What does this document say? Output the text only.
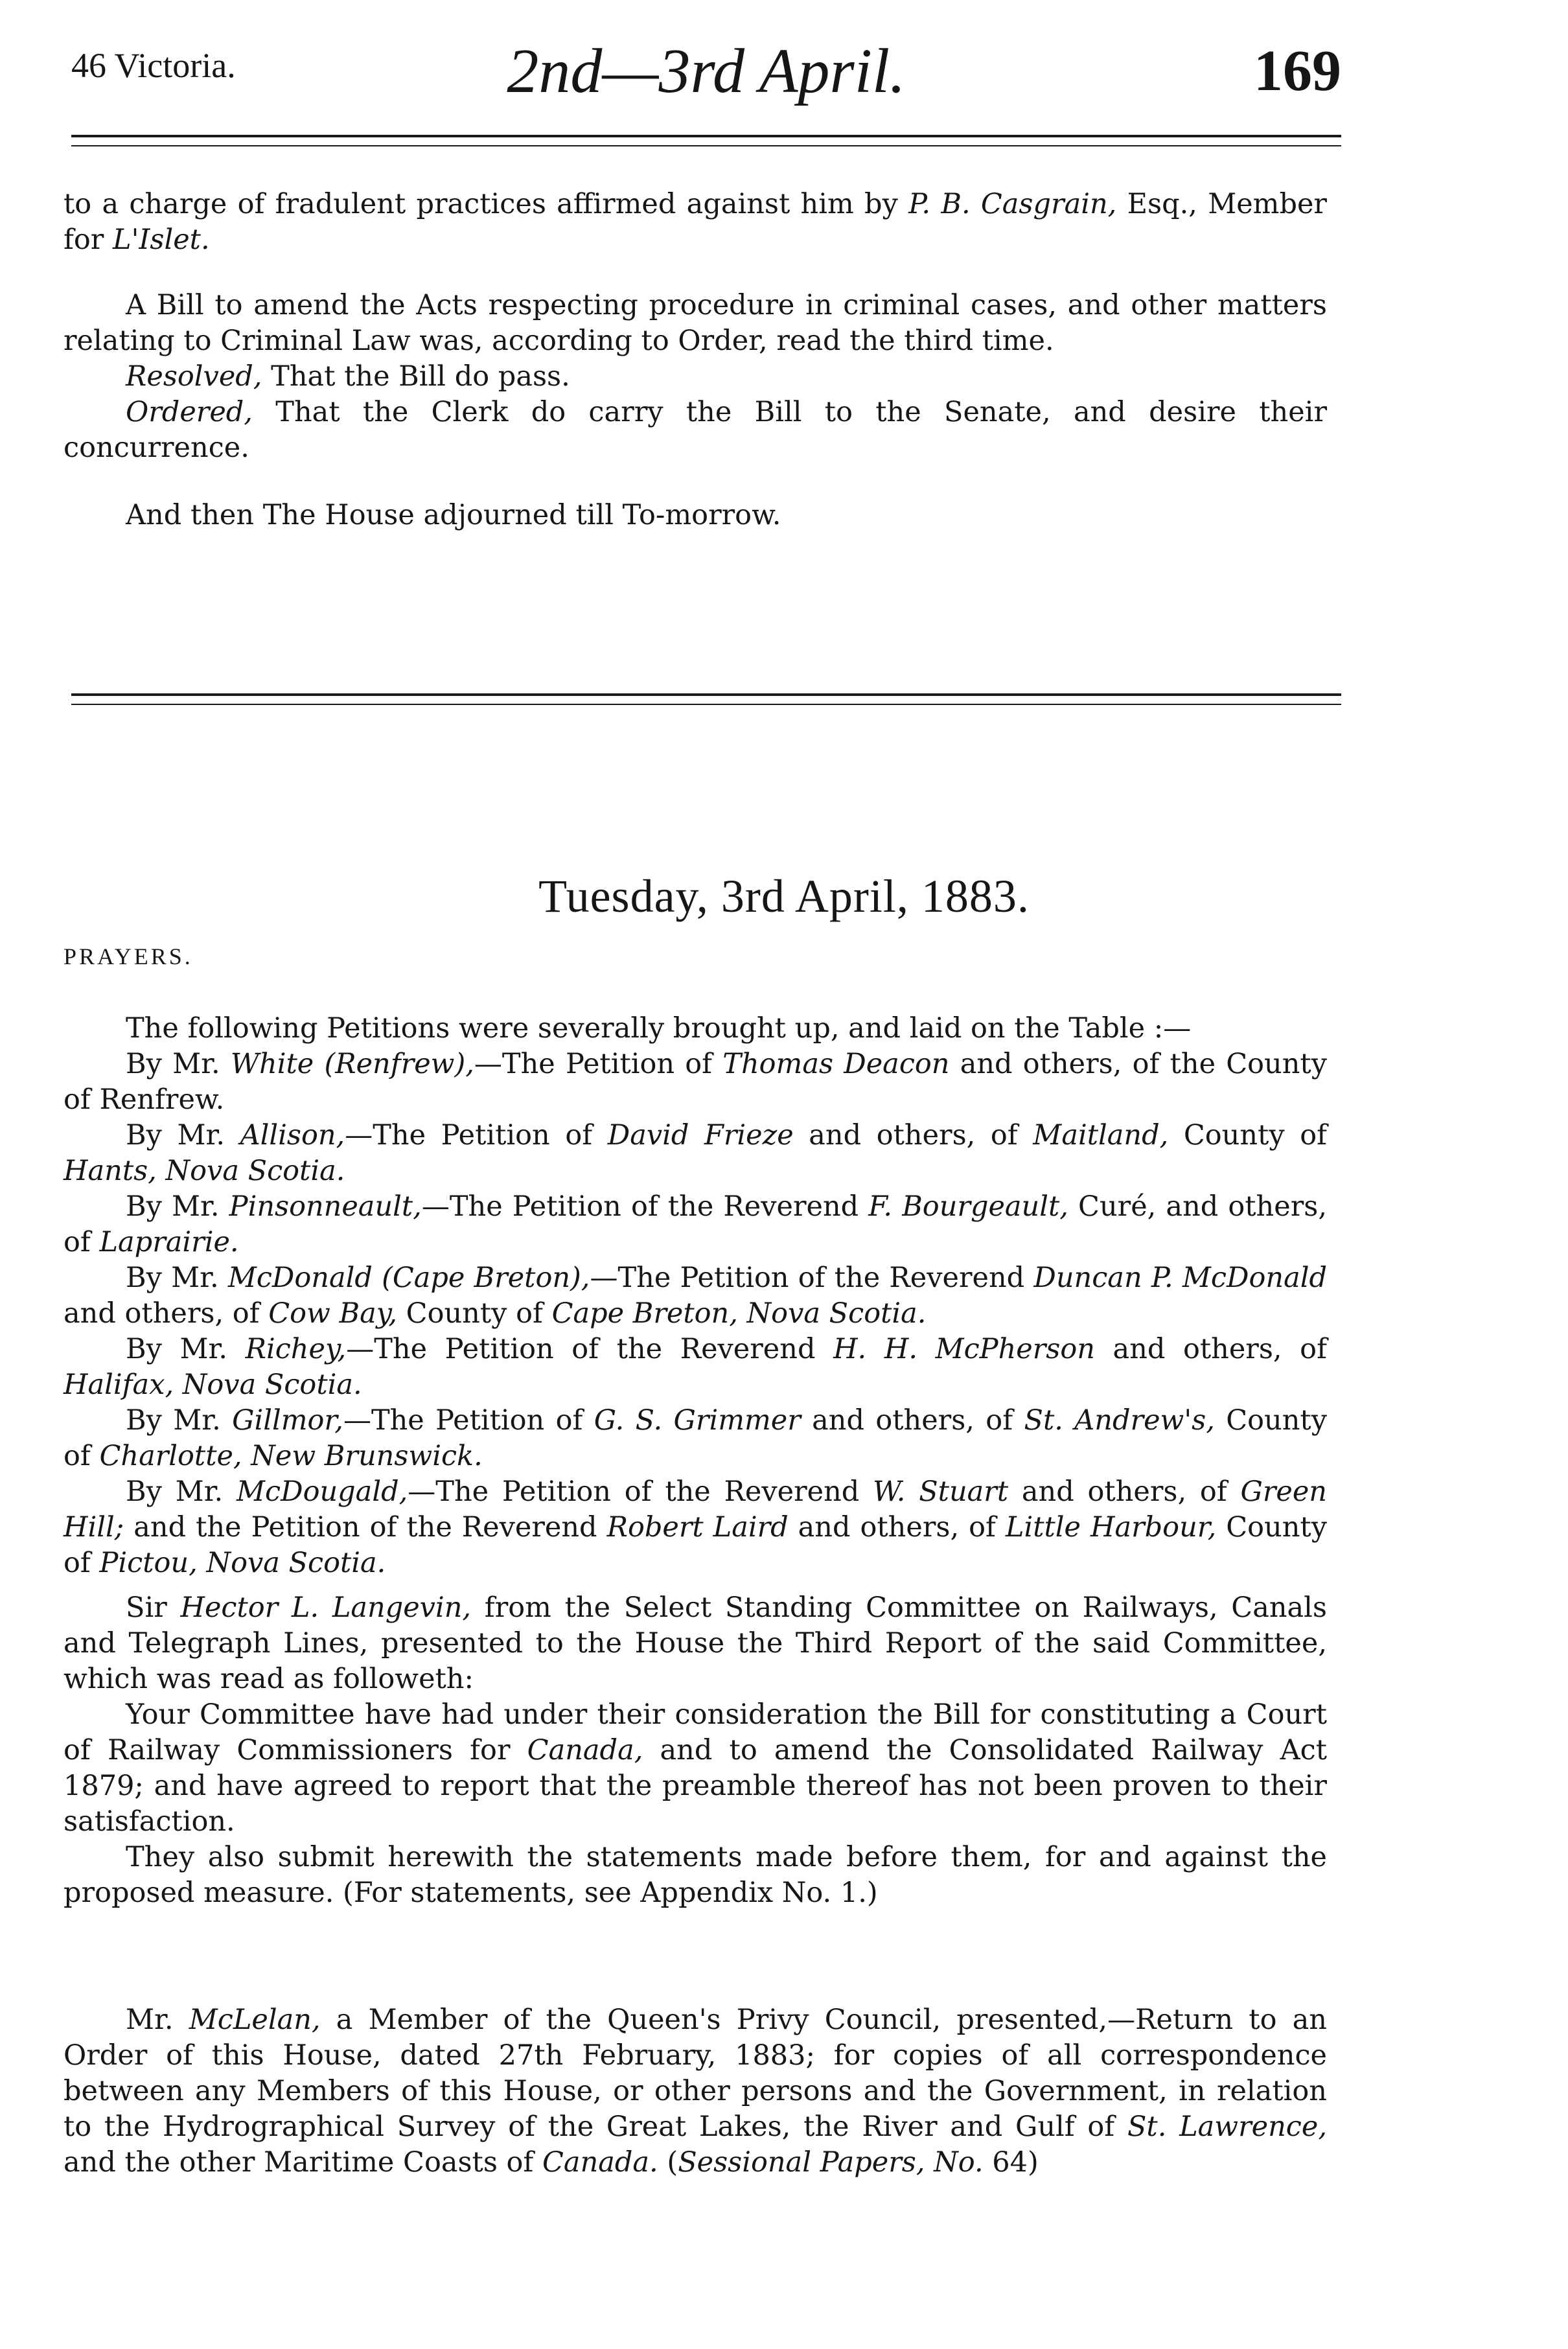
46 Victoria.	2nd—3rd April.	169

to a charge of fradulent practices affirmed against him by P. B. Casgrain, Esq., Member for L'Islet.

A Bill to amend the Acts respecting procedure in criminal cases, and other matters relating to Criminal Law was, according to Order, read the third time.

Resolved, That the Bill do pass.

Ordered, That the Clerk do carry the Bill to the Senate, and desire their concurrence.

And then The House adjourned till To-morrow.

Tuesday, 3rd April, 1883.
PRAYERS.

The following Petitions were severally brought up, and laid on the Table :—

By Mr. White (Renfrew),—The Petition of Thomas Deacon and others, of the County of Renfrew.

By Mr. Allison,—The Petition of David Frieze and others, of Maitland, County of Hants, Nova Scotia.

By Mr. Pinsonneault,—The Petition of the Reverend F. Bourgeault, Curé, and others, of Laprairie.

By Mr. McDonald (Cape Breton),—The Petition of the Reverend Duncan P. McDonald and others, of Cow Bay, County of Cape Breton, Nova Scotia.

By Mr. Richey,—The Petition of the Reverend H. H. McPherson and others, of Halifax, Nova Scotia.

By Mr. Gillmor,—The Petition of G. S. Grimmer and others, of St. Andrew's, County of Charlotte, New Brunswick.

By Mr. McDougald,—The Petition of the Reverend W. Stuart and others, of Green Hill; and the Petition of the Reverend Robert Laird and others, of Little Harbour, County of Pictou, Nova Scotia.

Sir Hector L. Langevin, from the Select Standing Committee on Railways, Canals and Telegraph Lines, presented to the House the Third Report of the said Committee, which was read as followeth:

Your Committee have had under their consideration the Bill for constituting a Court of Railway Commissioners for Canada, and to amend the Consolidated Railway Act 1879; and have agreed to report that the preamble thereof has not been proven to their satisfaction.

They also submit herewith the statements made before them, for and against the proposed measure. (For statements, see Appendix No. 1.)

Mr. McLelan, a Member of the Queen's Privy Council, presented,—Return to an Order of this House, dated 27th February, 1883; for copies of all correspondence between any Members of this House, or other persons and the Government, in relation to the Hydrographical Survey of the Great Lakes, the River and Gulf of St. Lawrence, and the other Maritime Coasts of Canada. (Sessional Papers, No. 64)
